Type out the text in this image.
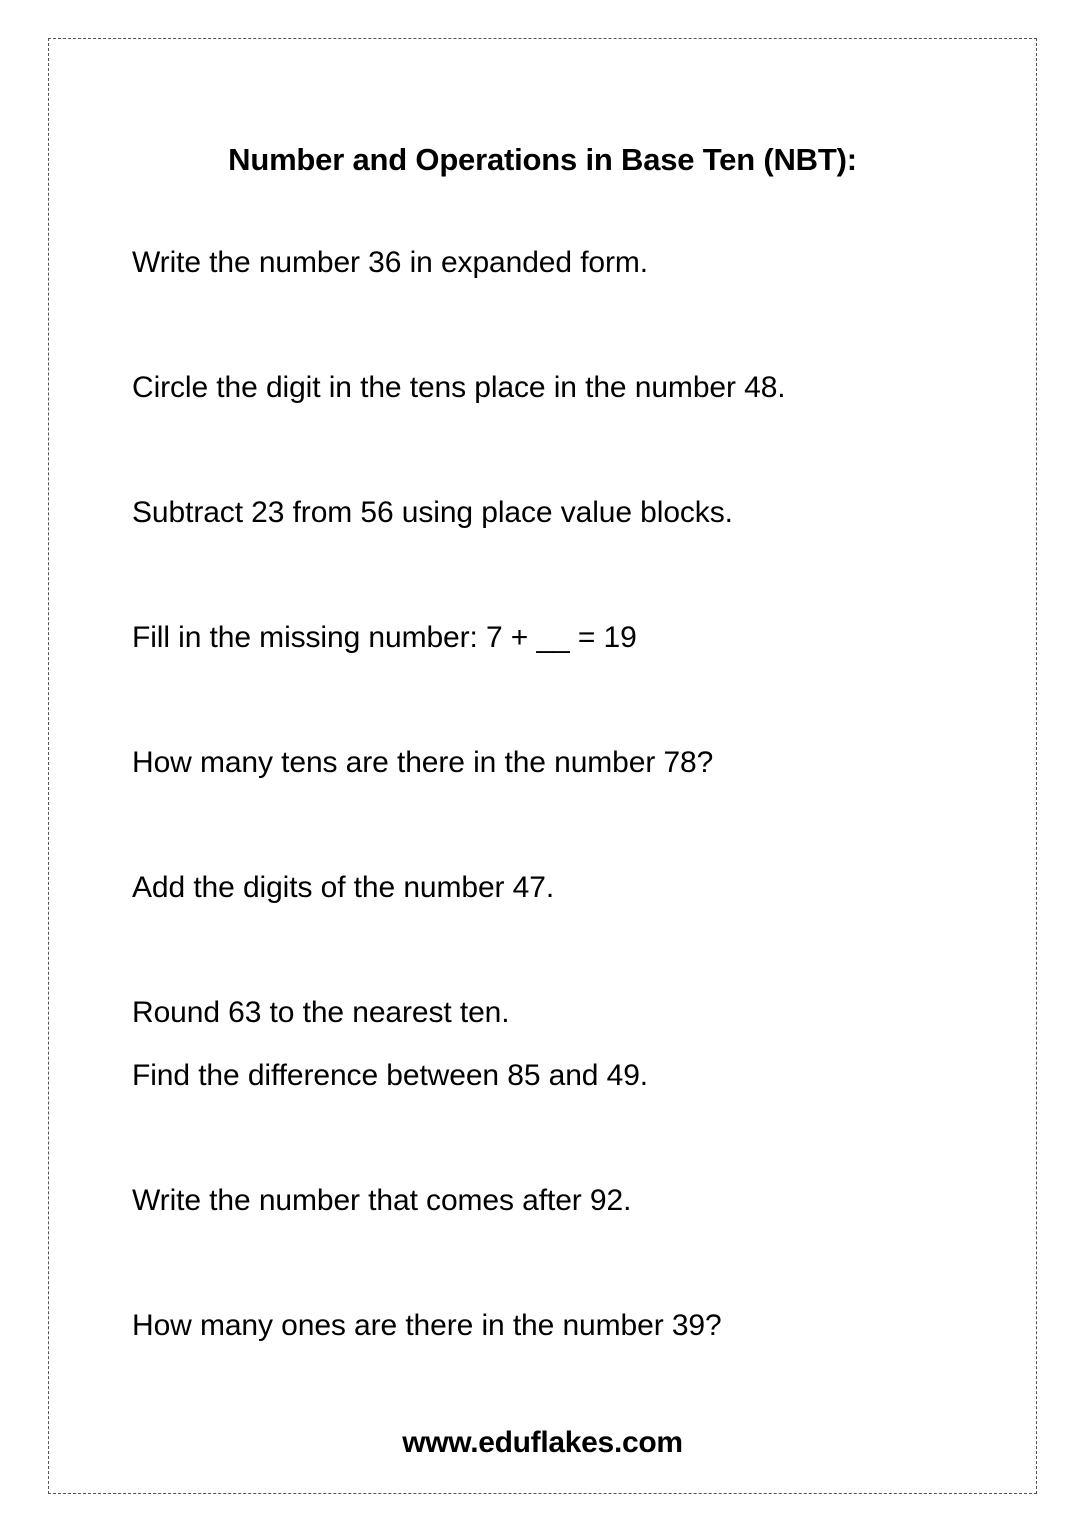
Number and Operations in Base Ten (NBT):
Write the number 36 in expanded form.
Circle the digit in the tens place in the number 48.
Subtract 23 from 56 using place value blocks.
Fill in the missing number: 7 + __ = 19
How many tens are there in the number 78?
Add the digits of the number 47.
Round 63 to the nearest ten.
Find the difference between 85 and 49.
Write the number that comes after 92.
How many ones are there in the number 39?
www.eduflakes.com
